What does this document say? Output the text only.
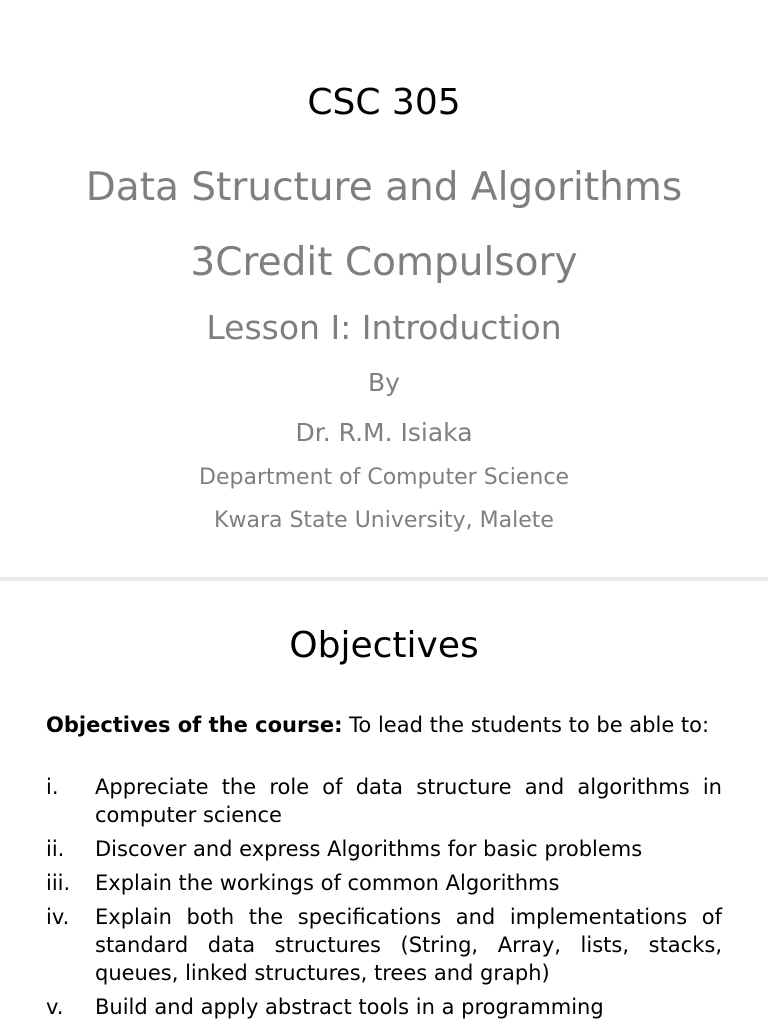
CSC 305
Data Structure and Algorithms
3Credit Compulsory
Lesson I: Introduction
By
Dr. R.M. Isiaka
Department of Computer Science
Kwara State University, Malete
Objectives
Objectives of the course: To lead the students to be able to:
i. Appreciate the role of data structure and algorithms in computer science
ii. Discover and express Algorithms for basic problems
iii. Explain the workings of common Algorithms
iv. Explain both the specifications and implementations of standard data structures (String, Array, lists, stacks, queues, linked structures, trees and graph)
v. Build and apply abstract tools in a programming
